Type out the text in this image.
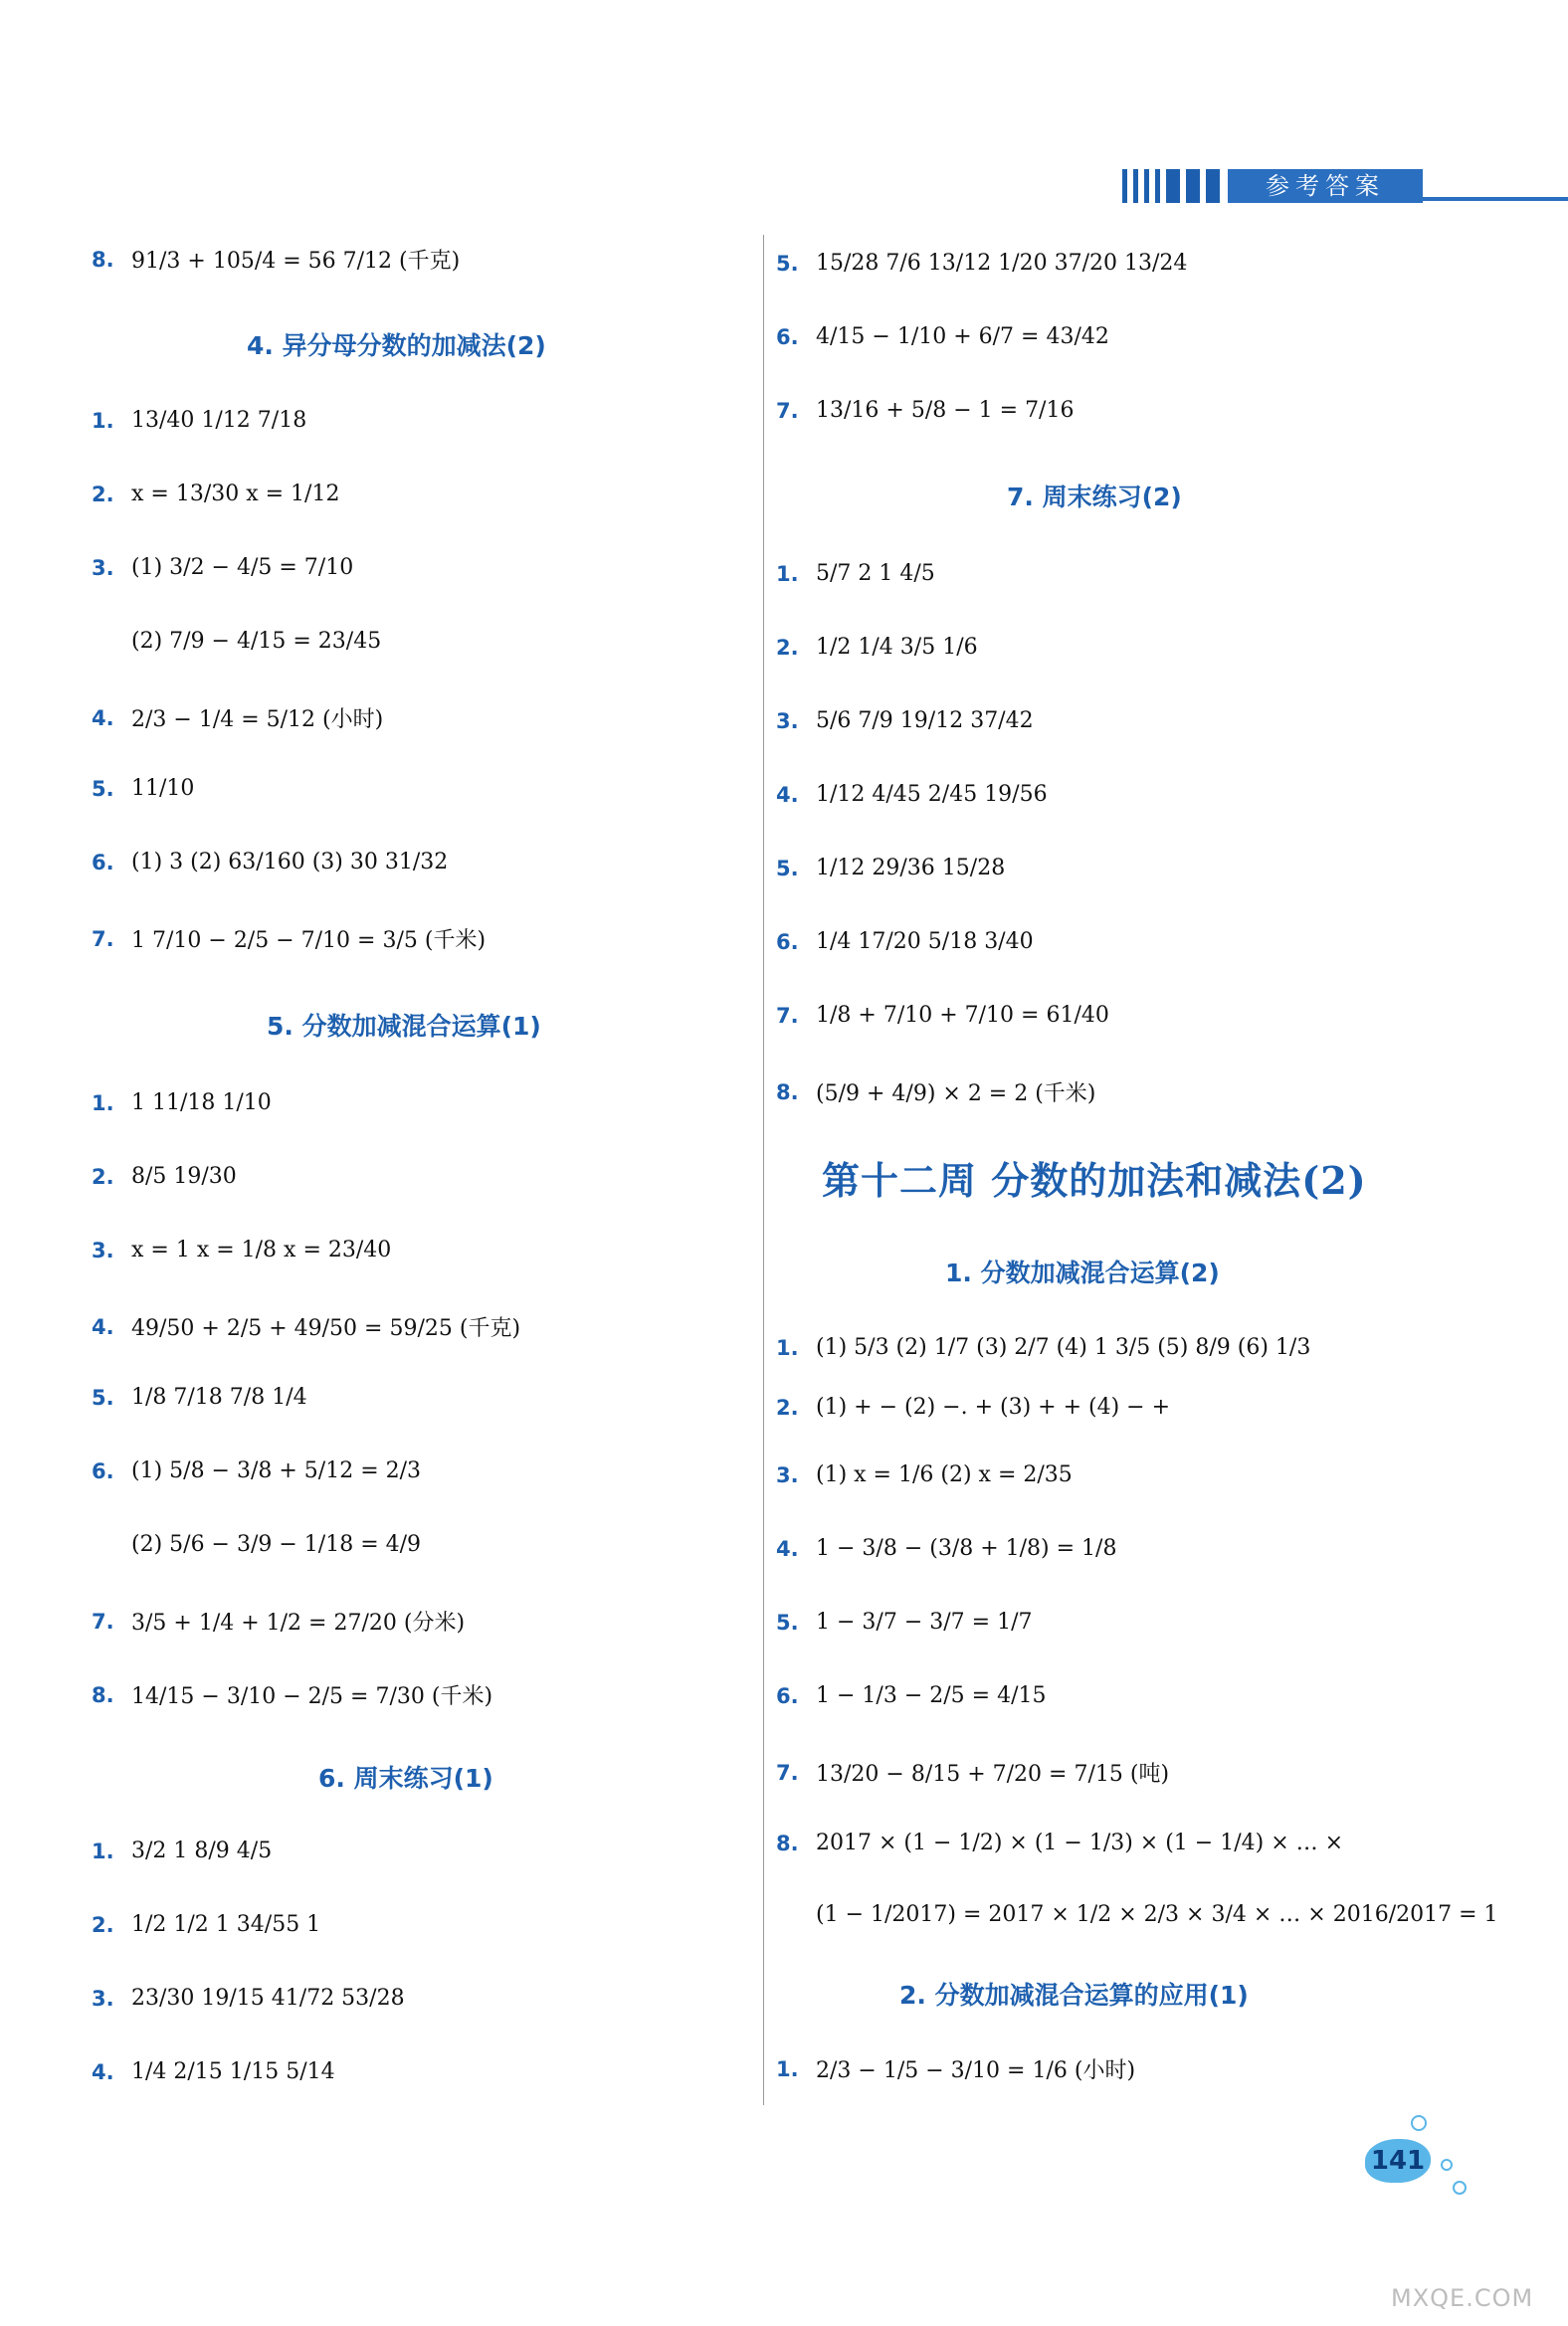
参考答案
8. 91/3 + 105/4 = 56 7/12 (千克)
4. 异分母分数的加减法(2)
1. 13/40 1/12 7/18
2. x = 13/30 x = 1/12
3. (1) 3/2 − 4/5 = 7/10
(2) 7/9 − 4/15 = 23/45
4. 2/3 − 1/4 = 5/12 (小时)
5. 11/10
6. (1) 3 (2) 63/160 (3) 30 31/32
7. 1 7/10 − 2/5 − 7/10 = 3/5 (千米)
5. 分数加减混合运算(1)
1. 1 11/18 1/10
2. 8/5 19/30
3. x = 1 x = 1/8 x = 23/40
4. 49/50 + 2/5 + 49/50 = 59/25 (千克)
5. 1/8 7/18 7/8 1/4
6. (1) 5/8 − 3/8 + 5/12 = 2/3
(2) 5/6 − 3/9 − 1/18 = 4/9
7. 3/5 + 1/4 + 1/2 = 27/20 (分米)
8. 14/15 − 3/10 − 2/5 = 7/30 (千米)
6. 周末练习(1)
1. 3/2 1 8/9 4/5
2. 1/2 1/2 1 34/55 1
3. 23/30 19/15 41/72 53/28
4. 1/4 2/15 1/15 5/14
5. 15/28 7/6 13/12 1/20 37/20 13/24
6. 4/15 − 1/10 + 6/7 = 43/42
7. 13/16 + 5/8 − 1 = 7/16
7. 周末练习(2)
1. 5/7 2 1 4/5
2. 1/2 1/4 3/5 1/6
3. 5/6 7/9 19/12 37/42
4. 1/12 4/45 2/45 19/56
5. 1/12 29/36 15/28
6. 1/4 17/20 5/18 3/40
7. 1/8 + 7/10 + 7/10 = 61/40
8. (5/9 + 4/9) × 2 = 2 (千米)
第十二周 分数的加法和减法(2)
1. 分数加减混合运算(2)
1. (1) 5/3 (2) 1/7 (3) 2/7 (4) 1 3/5 (5) 8/9 (6) 1/3
2. (1) + − (2) −. + (3) + + (4) − +
3. (1) x = 1/6 (2) x = 2/35
4. 1 − 3/8 − (3/8 + 1/8) = 1/8
5. 1 − 3/7 − 3/7 = 1/7
6. 1 − 1/3 − 2/5 = 4/15
7. 13/20 − 8/15 + 7/20 = 7/15 (吨)
8. 2017 × (1 − 1/2) × (1 − 1/3) × (1 − 1/4) × … ×
(1 − 1/2017) = 2017 × 1/2 × 2/3 × 3/4 × … × 2016/2017 = 1
2. 分数加减混合运算的应用(1)
1. 2/3 − 1/5 − 3/10 = 1/6 (小时)
141
MXQE.COM
